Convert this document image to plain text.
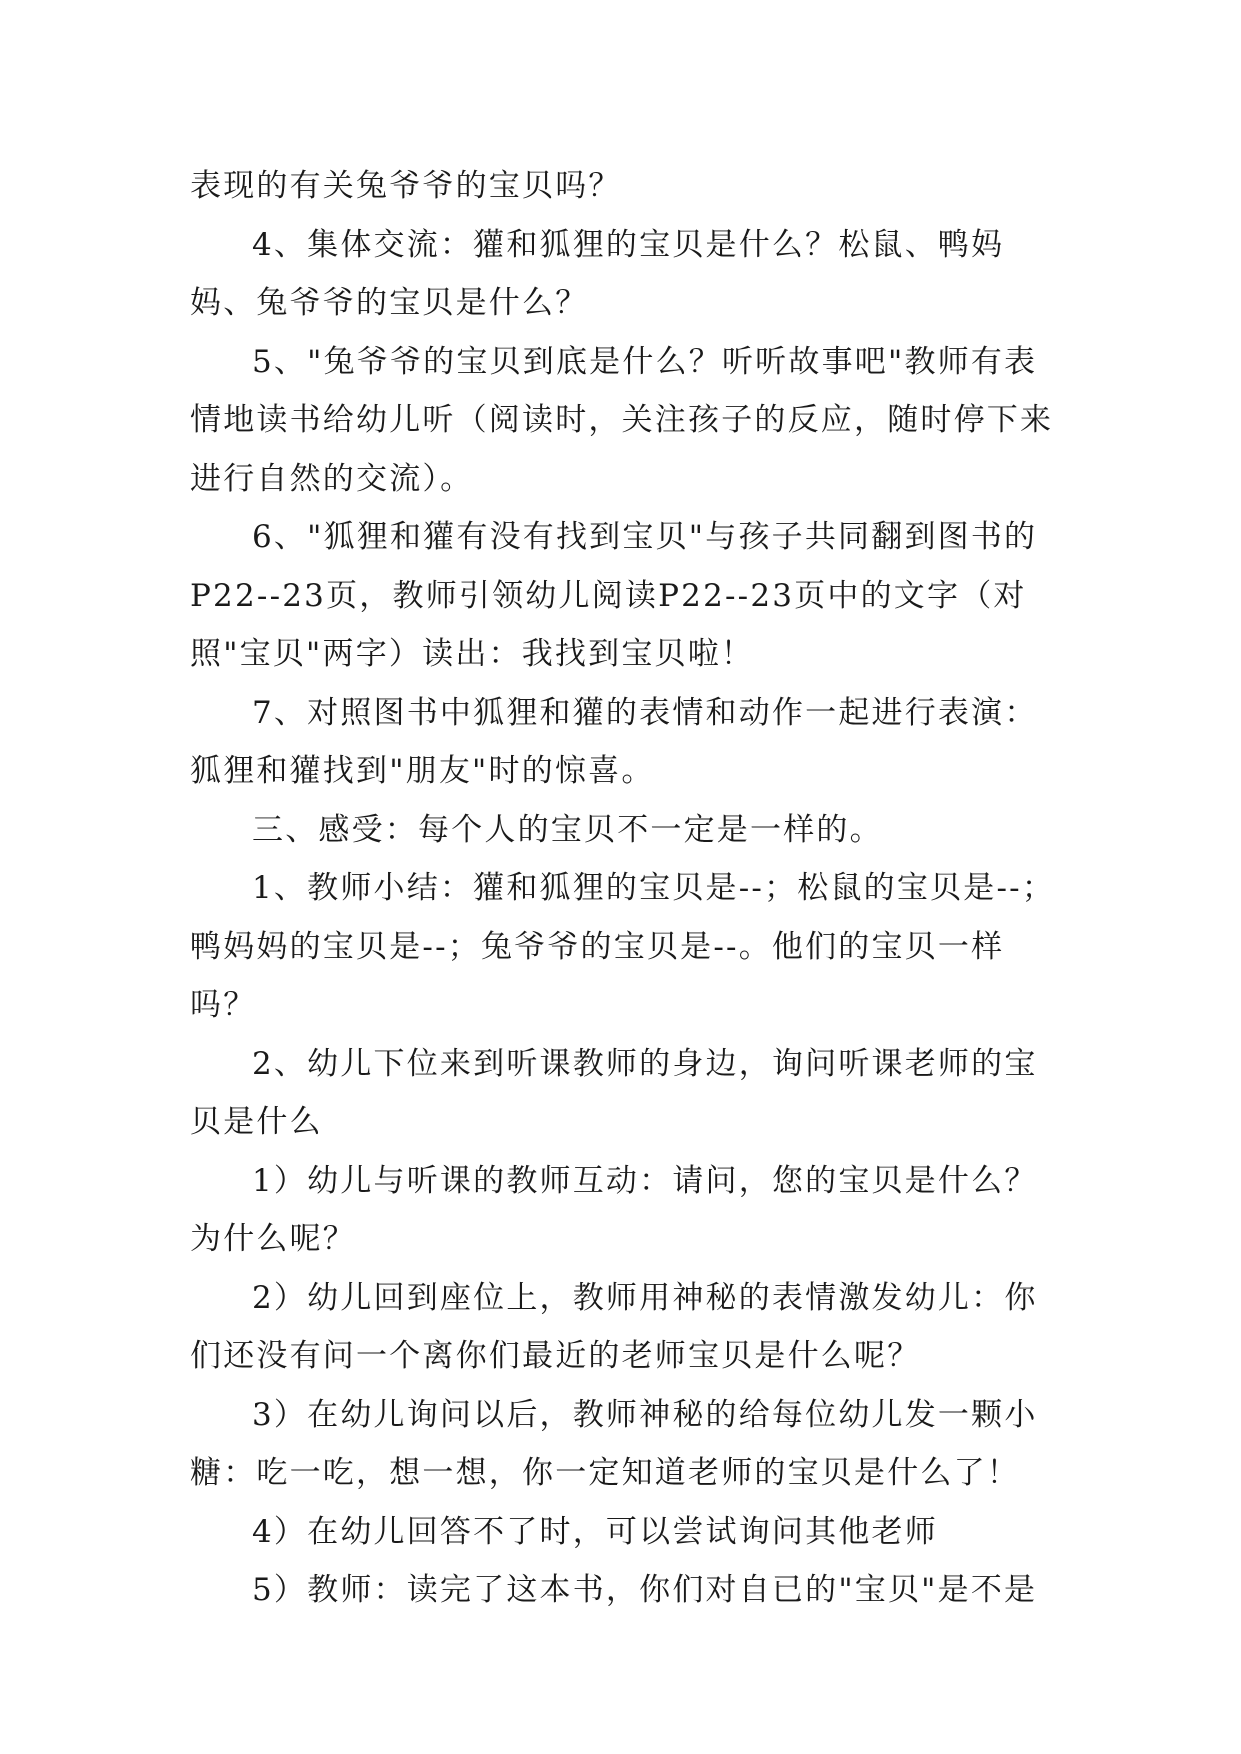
表现的有关兔爷爷的宝贝吗？

4、集体交流：獾和狐狸的宝贝是什么？松鼠、鸭妈妈、兔爷爷的宝贝是什么？

5、"兔爷爷的宝贝到底是什么？听听故事吧"教师有表情地读书给幼儿听（阅读时，关注孩子的反应，随时停下来进行自然的交流）。

6、"狐狸和獾有没有找到宝贝"与孩子共同翻到图书的P22--23页，教师引领幼儿阅读P22--23页中的文字（对照"宝贝"两字）读出：我找到宝贝啦！

7、对照图书中狐狸和獾的表情和动作一起进行表演：狐狸和獾找到"朋友"时的惊喜。

三、感受：每个人的宝贝不一定是一样的。

1、教师小结：獾和狐狸的宝贝是--；松鼠的宝贝是--；鸭妈妈的宝贝是--；兔爷爷的宝贝是--。他们的宝贝一样吗？

2、幼儿下位来到听课教师的身边，询问听课老师的宝贝是什么

1）幼儿与听课的教师互动：请问，您的宝贝是什么？为什么呢？

2）幼儿回到座位上，教师用神秘的表情激发幼儿：你们还没有问一个离你们最近的老师宝贝是什么呢？

3）在幼儿询问以后，教师神秘的给每位幼儿发一颗小糖：吃一吃，想一想，你一定知道老师的宝贝是什么了！

4）在幼儿回答不了时，可以尝试询问其他老师

5）教师：读完了这本书，你们对自已的"宝贝"是不是
